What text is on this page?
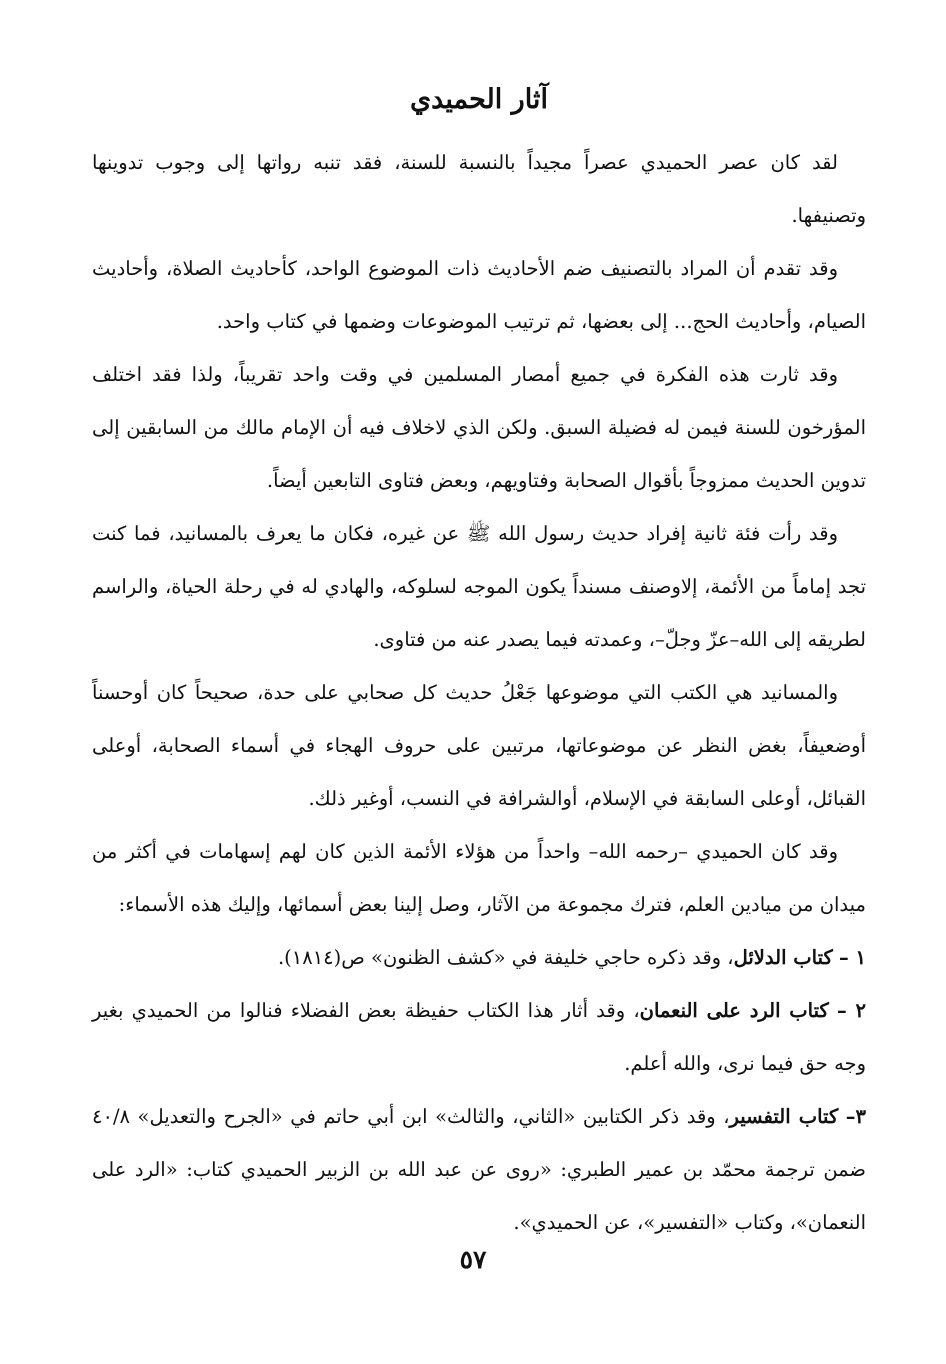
آثار الحميدي

لقد كان عصر الحميدي عصراً مجيداً بالنسبة للسنة، فقد تنبه رواتها إلى وجوب تدوينها وتصنيفها.

وقد تقدم أن المراد بالتصنيف ضم الأحاديث ذات الموضوع الواحد، كأحاديث الصلاة، وأحاديث الصيام، وأحاديث الحج... إلى بعضها، ثم ترتيب الموضوعات وضمها في كتاب واحد.

وقد ثارت هذه الفكرة في جميع أمصار المسلمين في وقت واحد تقريباً، ولذا فقد اختلف المؤرخون للسنة فيمن له فضيلة السبق. ولكن الذي لاخلاف فيه أن الإمام مالك من السابقين إلى تدوين الحديث ممزوجاً بأقوال الصحابة وفتاويهم، وبعض فتاوى التابعين أيضاً.

وقد رأت فئة ثانية إفراد حديث رسول الله ﷺ عن غيره، فكان ما يعرف بالمسانيد، فما كنت تجد إماماً من الأئمة، إلاوصنف مسنداً يكون الموجه لسلوكه، والهادي له في رحلة الحياة، والراسم لطريقه إلى الله–عزّ وجلّ–، وعمدته فيما يصدر عنه من فتاوى.

والمسانيد هي الكتب التي موضوعها جَعْلُ حديث كل صحابي على حدة، صحيحاً كان أوحسناً أوضعيفاً، بغض النظر عن موضوعاتها، مرتبين على حروف الهجاء في أسماء الصحابة، أوعلى القبائل، أوعلى السابقة في الإسلام، أوالشرافة في النسب، أوغير ذلك.

وقد كان الحميدي –رحمه الله– واحداً من هؤلاء الأئمة الذين كان لهم إسهامات في أكثر من ميدان من ميادين العلم، فترك مجموعة من الآثار، وصل إلينا بعض أسمائها، وإليك هذه الأسماء:

١ – كتاب الدلائل، وقد ذكره حاجي خليفة في «كشف الظنون» ص(١٨١٤).

٢ – كتاب الرد على النعمان، وقد أثار هذا الكتاب حفيظة بعض الفضلاء فنالوا من الحميدي بغير وجه حق فيما نرى، والله أعلم.

٣– كتاب التفسير، وقد ذكر الكتابين «الثاني، والثالث» ابن أبي حاتم في «الجرح والتعديل» ٤٠/٨ ضمن ترجمة محمّد بن عمير الطبري: «روى عن عبد الله بن الزبير الحميدي كتاب: «الرد على النعمان»، وكتاب «التفسير»، عن الحميدي».

٥٧
